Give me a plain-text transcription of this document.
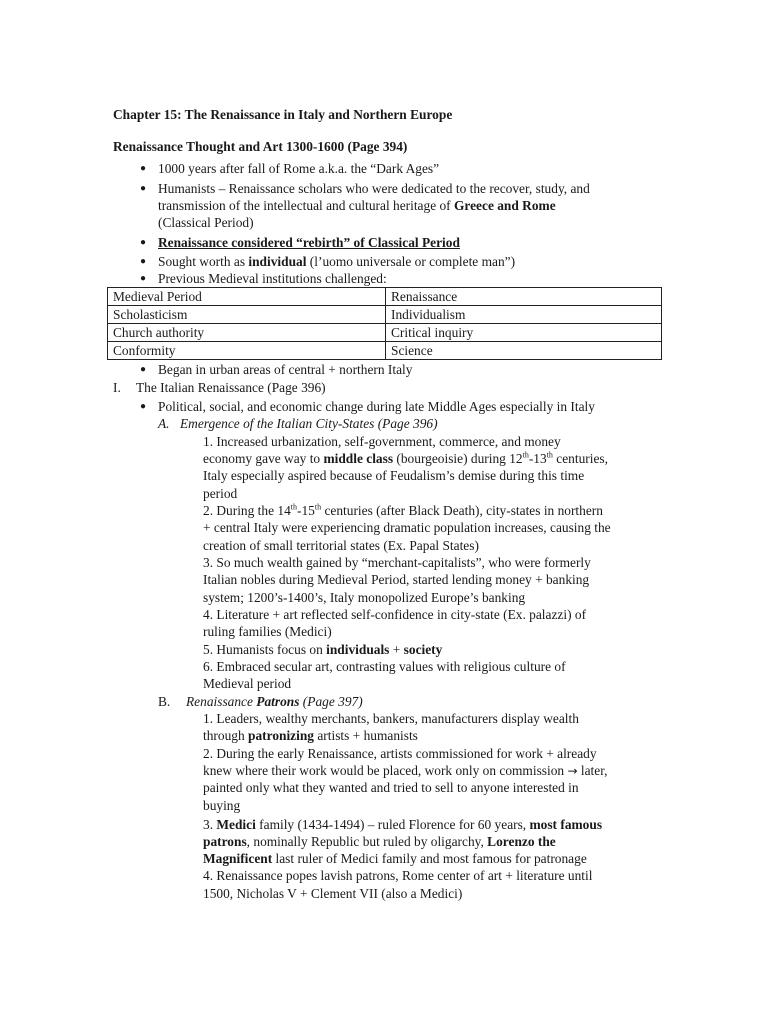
Chapter 15: The Renaissance in Italy and Northern Europe
Renaissance Thought and Art 1300-1600 (Page 394)
● 1000 years after fall of Rome a.k.a. the “Dark Ages”
● Humanists – Renaissance scholars who were dedicated to the recover, study, and
transmission of the intellectual and cultural heritage of Greece and Rome
(Classical Period)
● Renaissance considered “rebirth” of Classical Period
● Sought worth as individual (l’uomo universale or complete man”)
● Previous Medieval institutions challenged:
Medieval Period	Renaissance
Scholasticism	Individualism
Church authority	Critical inquiry
Conformity	Science
● Began in urban areas of central + northern Italy
I. The Italian Renaissance (Page 396)
● Political, social, and economic change during late Middle Ages especially in Italy
A. Emergence of the Italian City-States (Page 396)
1. Increased urbanization, self-government, commerce, and money
economy gave way to middle class (bourgeoisie) during 12th-13th centuries,
Italy especially aspired because of Feudalism’s demise during this time
period
2. During the 14th-15th centuries (after Black Death), city-states in northern
+ central Italy were experiencing dramatic population increases, causing the
creation of small territorial states (Ex. Papal States)
3. So much wealth gained by “merchant-capitalists”, who were formerly
Italian nobles during Medieval Period, started lending money + banking
system; 1200’s-1400’s, Italy monopolized Europe’s banking
4. Literature + art reflected self-confidence in city-state (Ex. palazzi) of
ruling families (Medici)
5. Humanists focus on individuals + society
6. Embraced secular art, contrasting values with religious culture of
Medieval period
B. Renaissance Patrons (Page 397)
1. Leaders, wealthy merchants, bankers, manufacturers display wealth
through patronizing artists + humanists
2. During the early Renaissance, artists commissioned for work + already
knew where their work would be placed, work only on commission → later,
painted only what they wanted and tried to sell to anyone interested in
buying
3. Medici family (1434-1494) – ruled Florence for 60 years, most famous
patrons, nominally Republic but ruled by oligarchy, Lorenzo the
Magnificent last ruler of Medici family and most famous for patronage
4. Renaissance popes lavish patrons, Rome center of art + literature until
1500, Nicholas V + Clement VII (also a Medici)
